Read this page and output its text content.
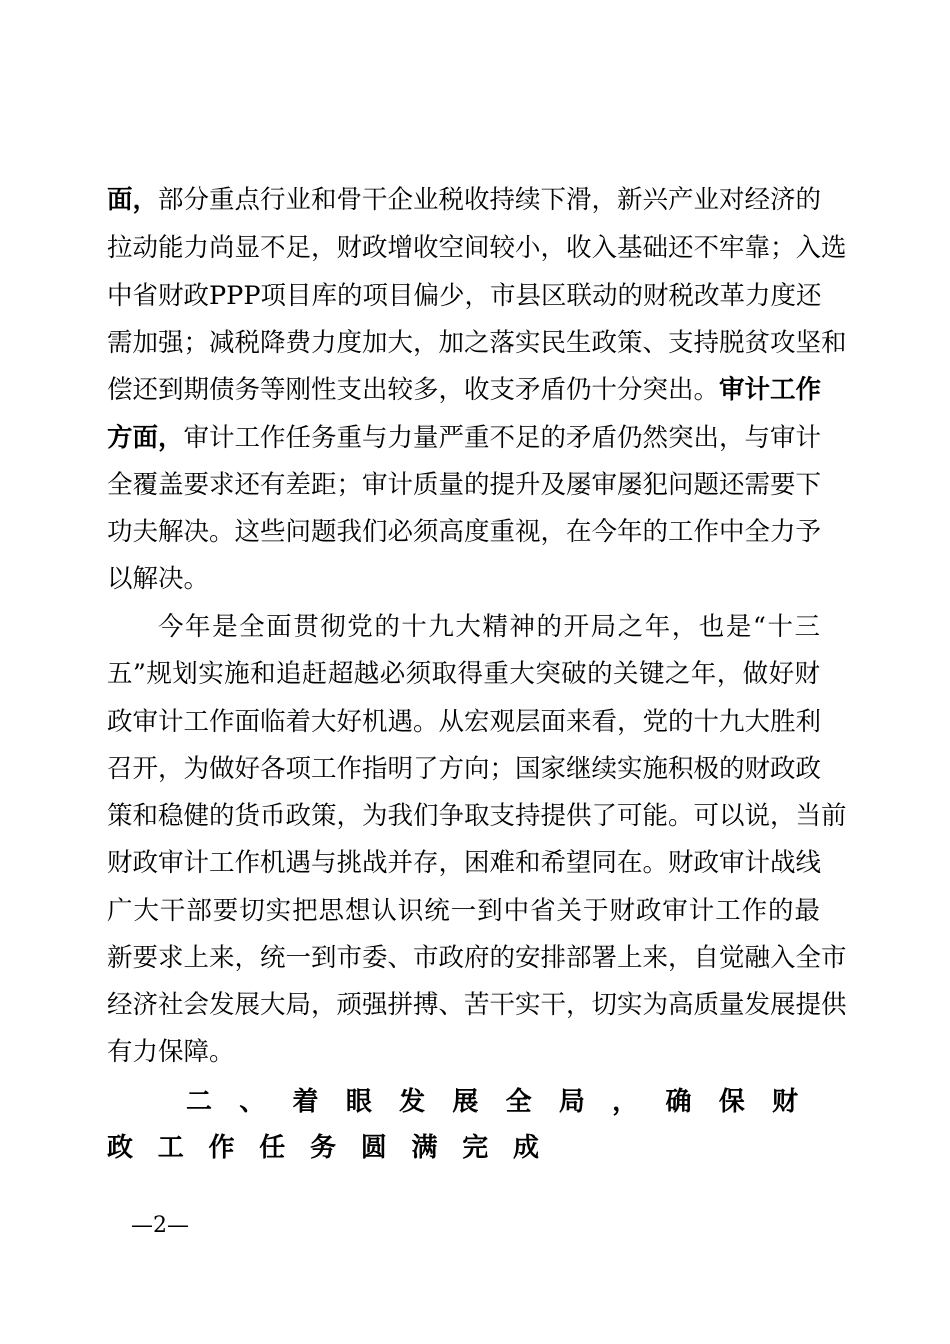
面，部分重点行业和骨干企业税收持续下滑，新兴产业对经济的
拉动能力尚显不足，财政增收空间较小，收入基础还不牢靠；入选
中省财政PPP项目库的项目偏少，市县区联动的财税改革力度还
需加强；减税降费力度加大，加之落实民生政策、支持脱贫攻坚和
偿还到期债务等刚性支出较多，收支矛盾仍十分突出。审计工作
方面，审计工作任务重与力量严重不足的矛盾仍然突出，与审计
全覆盖要求还有差距；审计质量的提升及屡审屡犯问题还需要下
功夫解决。这些问题我们必须高度重视，在今年的工作中全力予
以解决。
今年是全面贯彻党的十九大精神的开局之年，也是“十三
五”规划实施和追赶超越必须取得重大突破的关键之年，做好财
政审计工作面临着大好机遇。从宏观层面来看，党的十九大胜利
召开，为做好各项工作指明了方向；国家继续实施积极的财政政
策和稳健的货币政策，为我们争取支持提供了可能。可以说，当前
财政审计工作机遇与挑战并存，困难和希望同在。财政审计战线
广大干部要切实把思想认识统一到中省关于财政审计工作的最
新要求上来，统一到市委、市政府的安排部署上来，自觉融入全市
经济社会发展大局，顽强拼搏、苦干实干，切实为高质量发展提供
有力保障。
二、着眼发展全局，确保财
政工作任务圆满完成
—2—
